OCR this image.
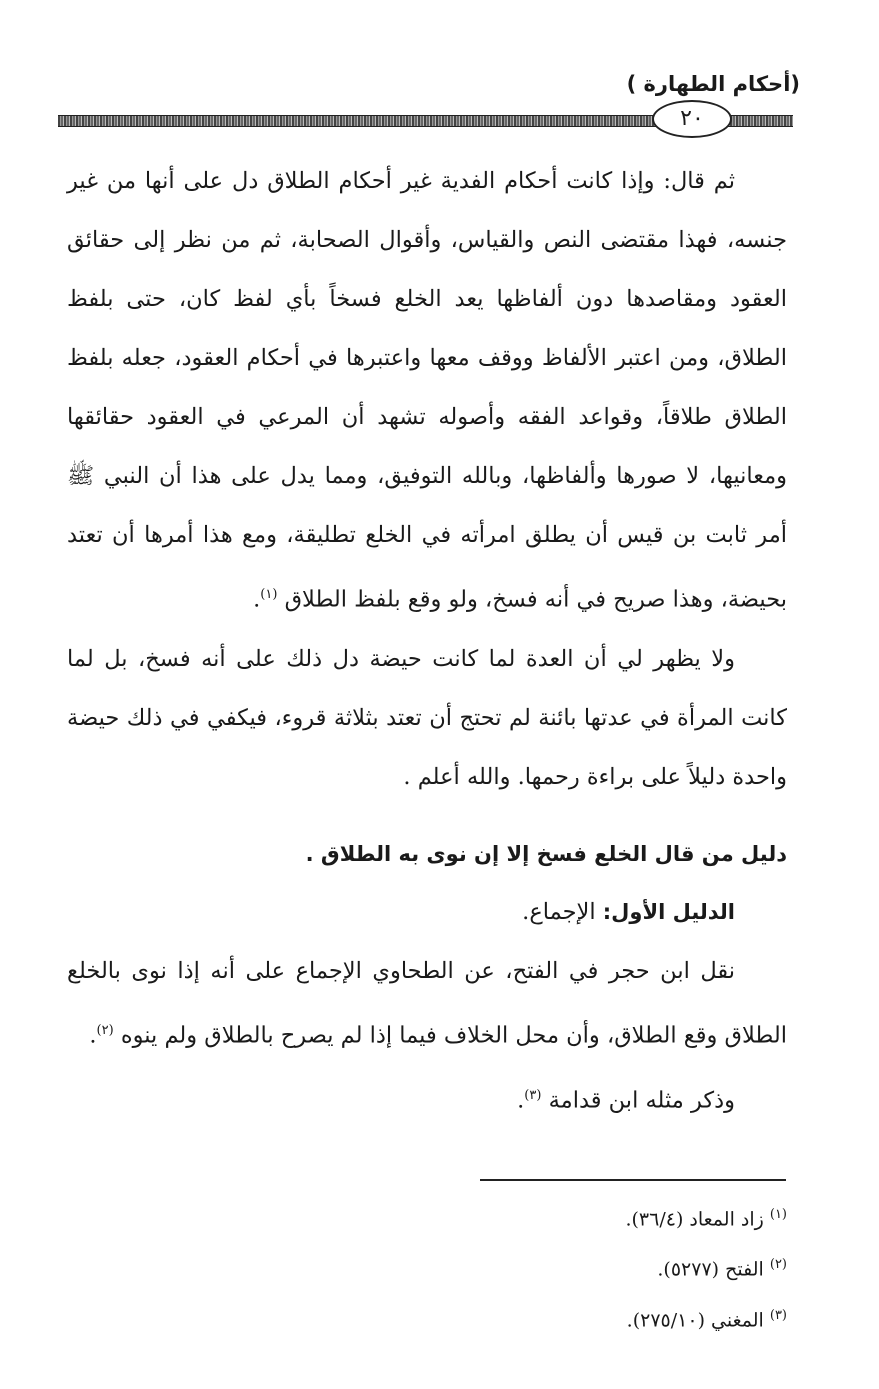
(أحكام الطهارة )
٢٠

ثم قال: وإذا كانت أحكام الفدية غير أحكام الطلاق دل على أنها من غير جنسه، فهذا مقتضى النص والقياس، وأقوال الصحابة، ثم من نظر إلى حقائق العقود ومقاصدها دون ألفاظها يعد الخلع فسخاً بأي لفظ كان، حتى بلفظ الطلاق، ومن اعتبر الألفاظ ووقف معها واعتبرها في أحكام العقود، جعله بلفظ الطلاق طلاقاً، وقواعد الفقه وأصوله تشهد أن المرعي في العقود حقائقها ومعانيها، لا صورها وألفاظها، وبالله التوفيق، ومما يدل على هذا أن النبي ﷺ أمر ثابت بن قيس أن يطلق امرأته في الخلع تطليقة، ومع هذا أمرها أن تعتد بحيضة، وهذا صريح في أنه فسخ، ولو وقع بلفظ الطلاق $^{(١)}$.

ولا يظهر لي أن العدة لما كانت حيضة دل ذلك على أنه فسخ، بل لما كانت المرأة في عدتها بائنة لم تحتج أن تعتد بثلاثة قروء، فيكفي في ذلك حيضة واحدة دليلاً على براءة رحمها. والله أعلم .

دليل من قال الخلع فسخ إلا إن نوى به الطلاق .

الدليل الأول: الإجماع.

نقل ابن حجر في الفتح، عن الطحاوي الإجماع على أنه إذا نوى بالخلع الطلاق وقع الطلاق، وأن محل الخلاف فيما إذا لم يصرح بالطلاق ولم ينوه $^{(٢)}$.

وذكر مثله ابن قدامة $^{(٣)}$.

$^{(١)}$ زاد المعاد (٣٦/٤).
$^{(٢)}$ الفتح (٥٢٧٧).
$^{(٣)}$ المغني (٢٧٥/١٠).
